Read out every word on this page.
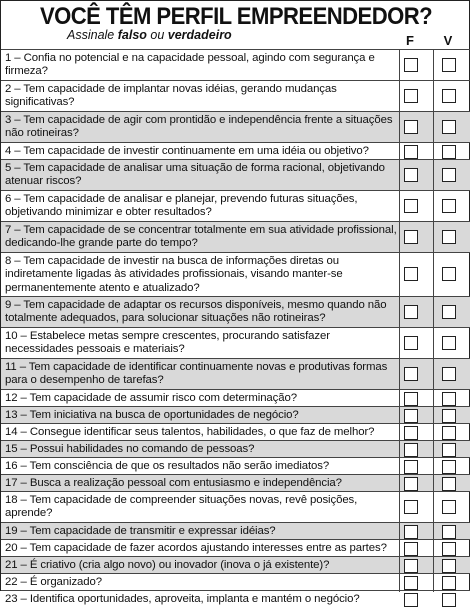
VOCÊ TÊM PERFIL EMPREENDEDOR?
Assinale falso ou verdadeiro	F	V
1 – Confia no potencial e na capacidade pessoal, agindo com segurança e firmeza?
2 – Tem capacidade de implantar novas idéias, gerando mudanças significativas?
3 – Tem capacidade de agir com prontidão e independência frente a situações não rotineiras?
4 – Tem capacidade de investir continuamente em uma idéia ou objetivo?
5 – Tem capacidade de analisar uma situação de forma racional, objetivando atenuar riscos?
6 – Tem capacidade de analisar e planejar, prevendo futuras situações, objetivando minimizar e obter resultados?
7 – Tem capacidade de se concentrar totalmente em sua atividade profissional, dedicando-lhe grande parte do tempo?
8 – Tem capacidade de investir na busca de informações diretas ou indiretamente ligadas às atividades profissionais, visando manter-se permanentemente atento e atualizado?
9 – Tem capacidade de adaptar os recursos disponíveis, mesmo quando não totalmente adequados, para solucionar situações não rotineiras?
10 – Estabelece metas sempre crescentes, procurando satisfazer necessidades pessoais e materiais?
11 – Tem capacidade de identificar continuamente novas e produtivas formas para o desempenho de tarefas?
12 – Tem capacidade de assumir risco com determinação?
13 – Tem iniciativa na busca de oportunidades de negócio?
14 – Consegue identificar seus talentos, habilidades, o que faz de melhor?
15 – Possui habilidades no comando de pessoas?
16 – Tem consciência de que os resultados não serão imediatos?
17 – Busca a realização pessoal com entusiasmo e independência?
18 – Tem capacidade de compreender situações novas, revê posições, aprende?
19 – Tem capacidade de transmitir e expressar idéias?
20 – Tem capacidade de fazer acordos ajustando interesses entre as partes?
21 – É criativo (cria algo novo) ou inovador (inova o já existente)?
22 – É organizado?
23 – Identifica oportunidades, aproveita, implanta e mantém o negócio?
